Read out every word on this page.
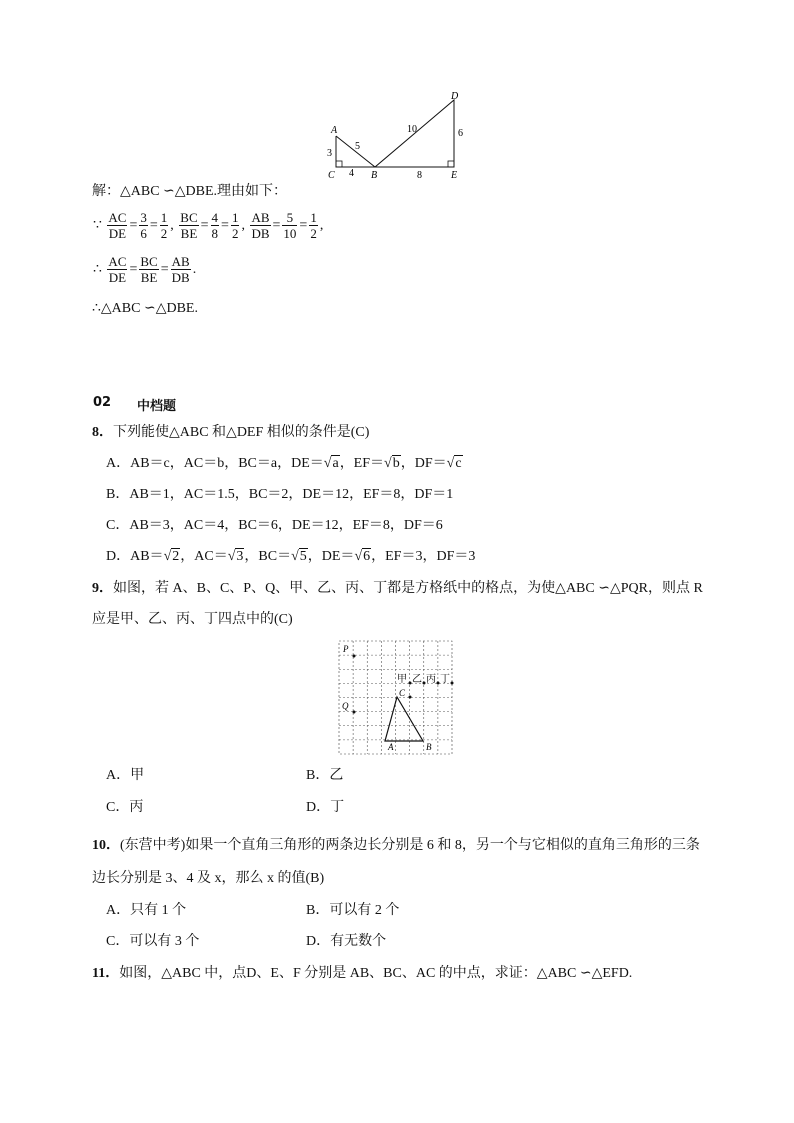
A
C	B	E
D
3
4
5
10	6
8
解：△ABC ∽△DBE.理由如下：
∵ $\frac{AC}{DE} = \frac{3}{6} = \frac{1}{2}$ , $\frac{BC}{BE} = \frac{4}{8} = \frac{1}{2}$ , $\frac{AB}{DB} = \frac{5}{10} = \frac{1}{2}$ ,
∴ $\frac{AC}{DE} = \frac{BC}{BE} = \frac{AB}{DB}$ .
∴△ABC ∽△DBE.
02 中档题
8．下列能使△ABC 和△DEF 相似的条件是(C)
A．AB＝c，AC＝b，BC＝a，DE＝√a，EF＝√b，DF＝√c
B．AB＝1，AC＝1.5，BC＝2，DE＝12，EF＝8，DF＝1
C．AB＝3，AC＝4，BC＝6，DE＝12，EF＝8，DF＝6
D．AB＝√2，AC＝√3，BC＝√5，DE＝√6，EF＝3，DF＝3
9．如图，若 A、B、C、P、Q、甲、乙、丙、丁都是方格纸中的格点，为使△ABC ∽△PQR，则点 R
应是甲、乙、丙、丁四点中的(C)
P
Q
C
A	B
甲 乙 丙 丁
A．甲	B．乙
C．丙	D．丁
10．(东营中考)如果一个直角三角形的两条边长分别是 6 和 8，另一个与它相似的直角三角形的三条
边长分别是 3、4 及 x，那么 x 的值(B)
A．只有 1 个	B．可以有 2 个
C．可以有 3 个	D．有无数个
11．如图，△ABC 中，点D、E、F 分别是 AB、BC、AC 的中点，求证：△ABC ∽△EFD.
